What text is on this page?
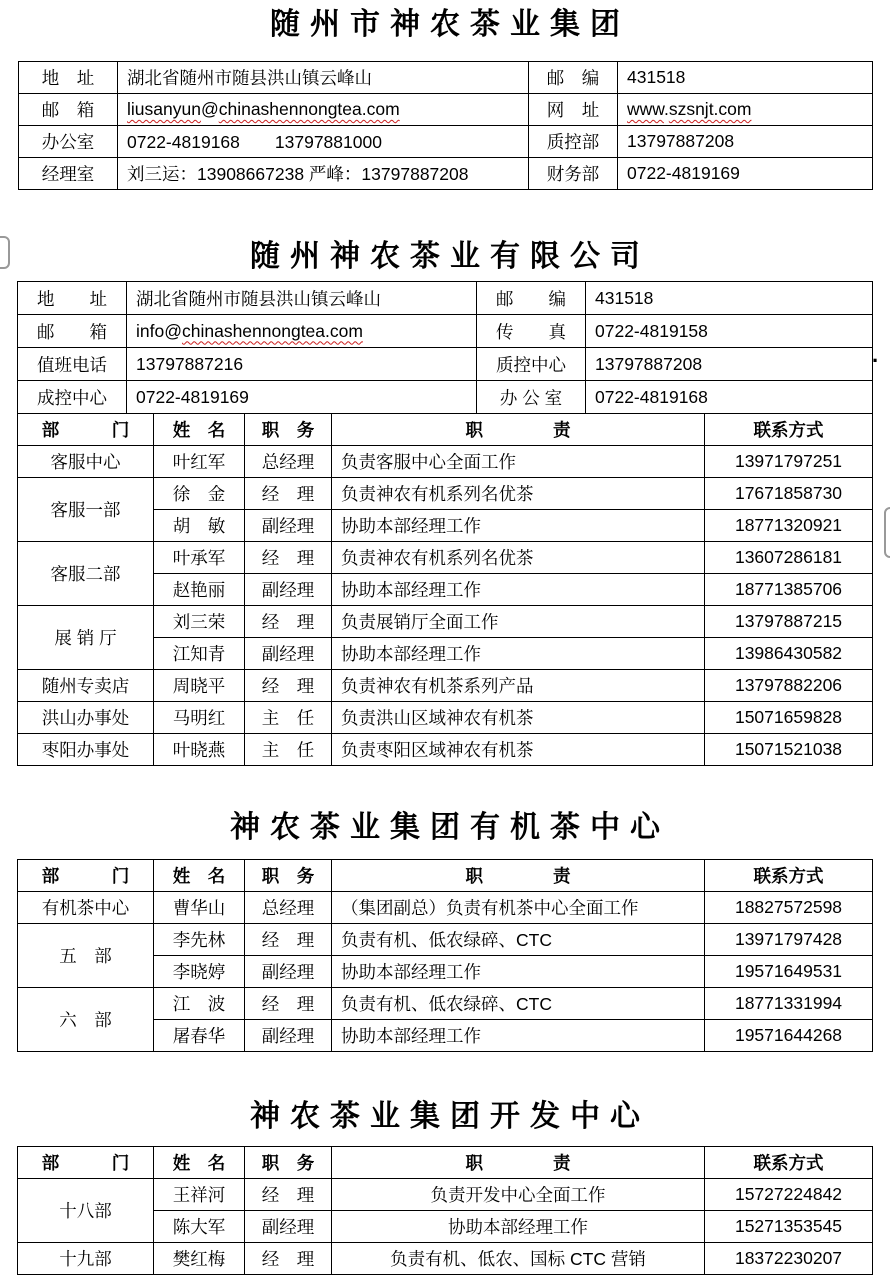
随州市神农茶业集团
地　址	湖北省随州市随县洪山镇云峰山	邮　编	431518
邮　箱	liusanyun@chinashennongtea.com	网　址	www.szsnjt.com
办公室	0722-4819168　　13797881000	质控部	13797887208
经理室	刘三运：13908667238 严峰：13797887208	财务部	0722-4819169
随州神农茶业有限公司
地　　址	湖北省随州市随县洪山镇云峰山	邮　　编	431518
邮　　箱	info@chinashennongtea.com	传　　真	0722-4819158
值班电话	13797887216	质控中心	13797887208
成控中心	0722-4819169	办 公 室	0722-4819168
部　　　门	姓　名	职　务	职　　　　责	联系方式
客服中心	叶红军	总经理	负责客服中心全面工作	13971797251
客服一部	徐　金	经　理	负责神农有机系列名优茶	17671858730
	胡　敏	副经理	协助本部经理工作	18771320921
客服二部	叶承军	经　理	负责神农有机系列名优茶	13607286181
	赵艳丽	副经理	协助本部经理工作	18771385706
展 销 厅	刘三荣	经　理	负责展销厅全面工作	13797887215
	江知青	副经理	协助本部经理工作	13986430582
随州专卖店	周晓平	经　理	负责神农有机茶系列产品	13797882206
洪山办事处	马明红	主　任	负责洪山区域神农有机茶	15071659828
枣阳办事处	叶晓燕	主　任	负责枣阳区域神农有机茶	15071521038
神农茶业集团有机茶中心
部　　　门	姓　名	职　务	职　　　　责	联系方式
有机茶中心	曹华山	总经理	（集团副总）负责有机茶中心全面工作	18827572598
五　部	李先林	经　理	负责有机、低农绿碎、CTC	13971797428
	李晓婷	副经理	协助本部经理工作	19571649531
六　部	江　波	经　理	负责有机、低农绿碎、CTC	18771331994
	屠春华	副经理	协助本部经理工作	19571644268
神农茶业集团开发中心
部　　　门	姓　名	职　务	职　　　　责	联系方式
十八部	王祥河	经　理	负责开发中心全面工作	15727224842
	陈大军	副经理	协助本部经理工作	15271353545
十九部	樊红梅	经　理	负责有机、低农、国标 CTC 营销	18372230207
.
